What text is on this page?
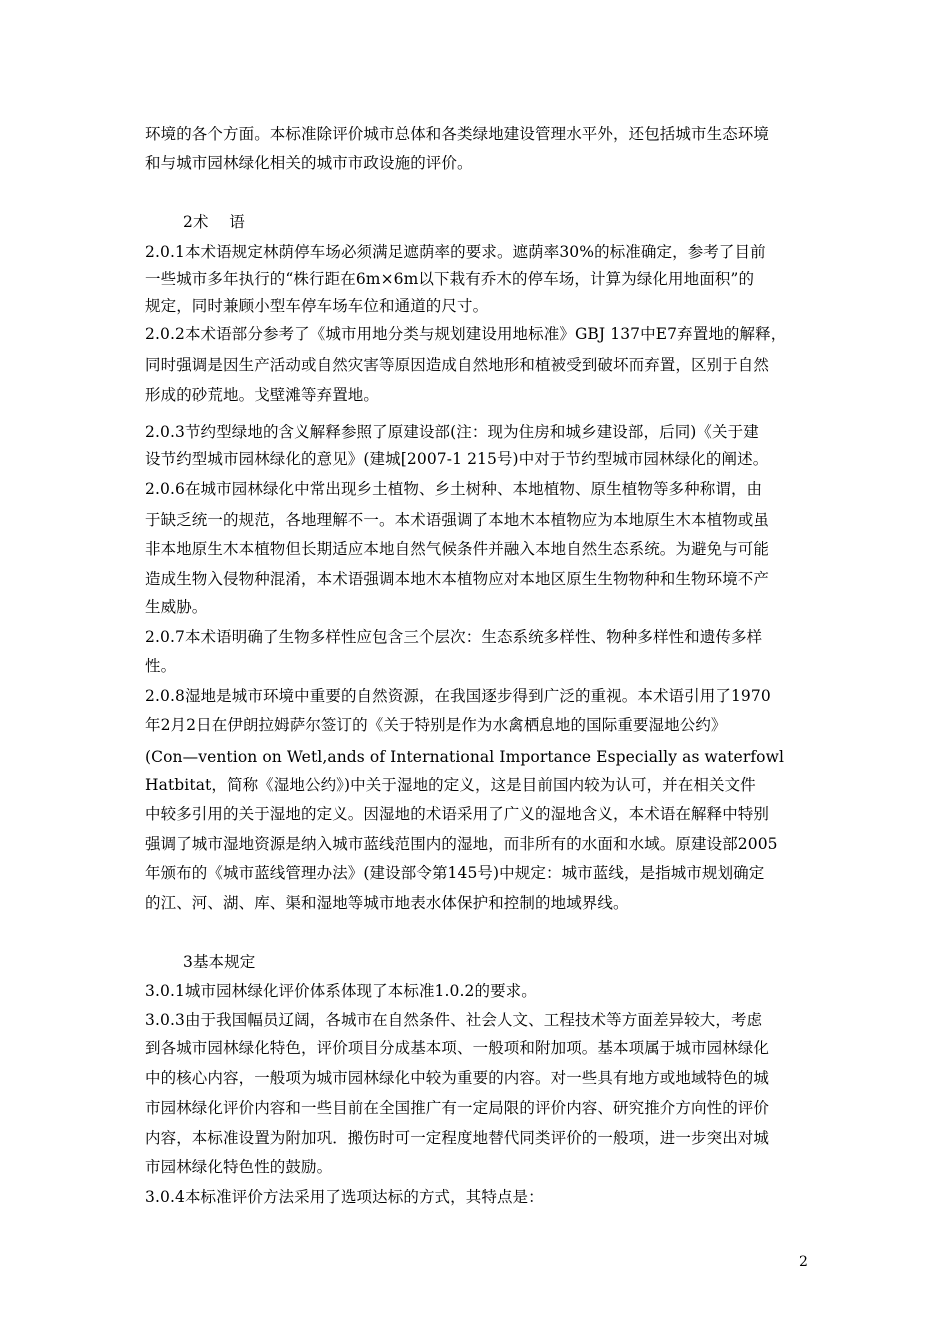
环境的各个方面。本标准除评价城市总体和各类绿地建设管理水平外，还包括城市生态环境
和与城市园林绿化相关的城市市政设施的评价。
2术　 语
2.0.1本术语规定林荫停车场必须满足遮荫率的要求。遮荫率30%的标准确定，参考了目前
一些城市多年执行的“株行距在6m×6m以下栽有乔木的停车场，计算为绿化用地面积”的
规定，同时兼顾小型车停车场车位和通道的尺寸。
2.0.2本术语部分参考了《城市用地分类与规划建设用地标准》GBJ 137中E7弃置地的解释，
同时强调是因生产活动或自然灾害等原因造成自然地形和植被受到破坏而弃置，区别于自然
形成的砂荒地。戈壁滩等弃置地。
2.0.3节约型绿地的含义解释参照了原建设部(注：现为住房和城乡建设部，后同)《关于建
设节约型城市园林绿化的意见》(建城[2007-1 215号)中对于节约型城市园林绿化的阐述。
2.0.6在城市园林绿化中常出现乡土植物、乡土树种、本地植物、原生植物等多种称谓，由
于缺乏统一的规范，各地理解不一。本术语强调了本地木本植物应为本地原生木本植物或虽
非本地原生木本植物但长期适应本地自然气候条件并融入本地自然生态系统。为避免与可能
造成生物入侵物种混淆，本术语强调本地木本植物应对本地区原生生物物种和生物环境不产
生威胁。
2.0.7本术语明确了生物多样性应包含三个层次：生态系统多样性、物种多样性和遗传多样
性。
2.0.8湿地是城市环境中重要的自然资源，在我国逐步得到广泛的重视。本术语引用了1970
年2月2日在伊朗拉姆萨尔签订的《关于特别是作为水禽栖息地的国际重要湿地公约》
(Con—vention on Wetl,ands of International Importance Especially as waterfowl
Hatbitat，简称《湿地公约》)中关于湿地的定义，这是目前国内较为认可，并在相关文件
中较多引用的关于湿地的定义。因湿地的术语采用了广义的湿地含义，本术语在解释中特别
强调了城市湿地资源是纳入城市蓝线范围内的湿地，而非所有的水面和水域。原建设部2005
年颁布的《城市蓝线管理办法》(建设部令第145号)中规定：城市蓝线，是指城市规划确定
的江、河、湖、库、渠和湿地等城市地表水体保护和控制的地域界线。
3基本规定
3.0.1城市园林绿化评价体系体现了本标准1.0.2的要求。
3.0.3由于我国幅员辽阔，各城市在自然条件、社会人文、工程技术等方面差异较大，考虑
到各城市园林绿化特色，评价项目分成基本项、一般项和附加项。基本项属于城市园林绿化
中的核心内容，一般项为城市园林绿化中较为重要的内容。对一些具有地方或地域特色的城
市园林绿化评价内容和一些目前在全国推广有一定局限的评价内容、研究推介方向性的评价
内容，本标准设置为附加巩．搬伤时可一定程度地替代同类评价的一般项，进一步突出对城
市园林绿化特色性的鼓励。
3.0.4本标准评价方法采用了选项达标的方式，其特点是：
2
